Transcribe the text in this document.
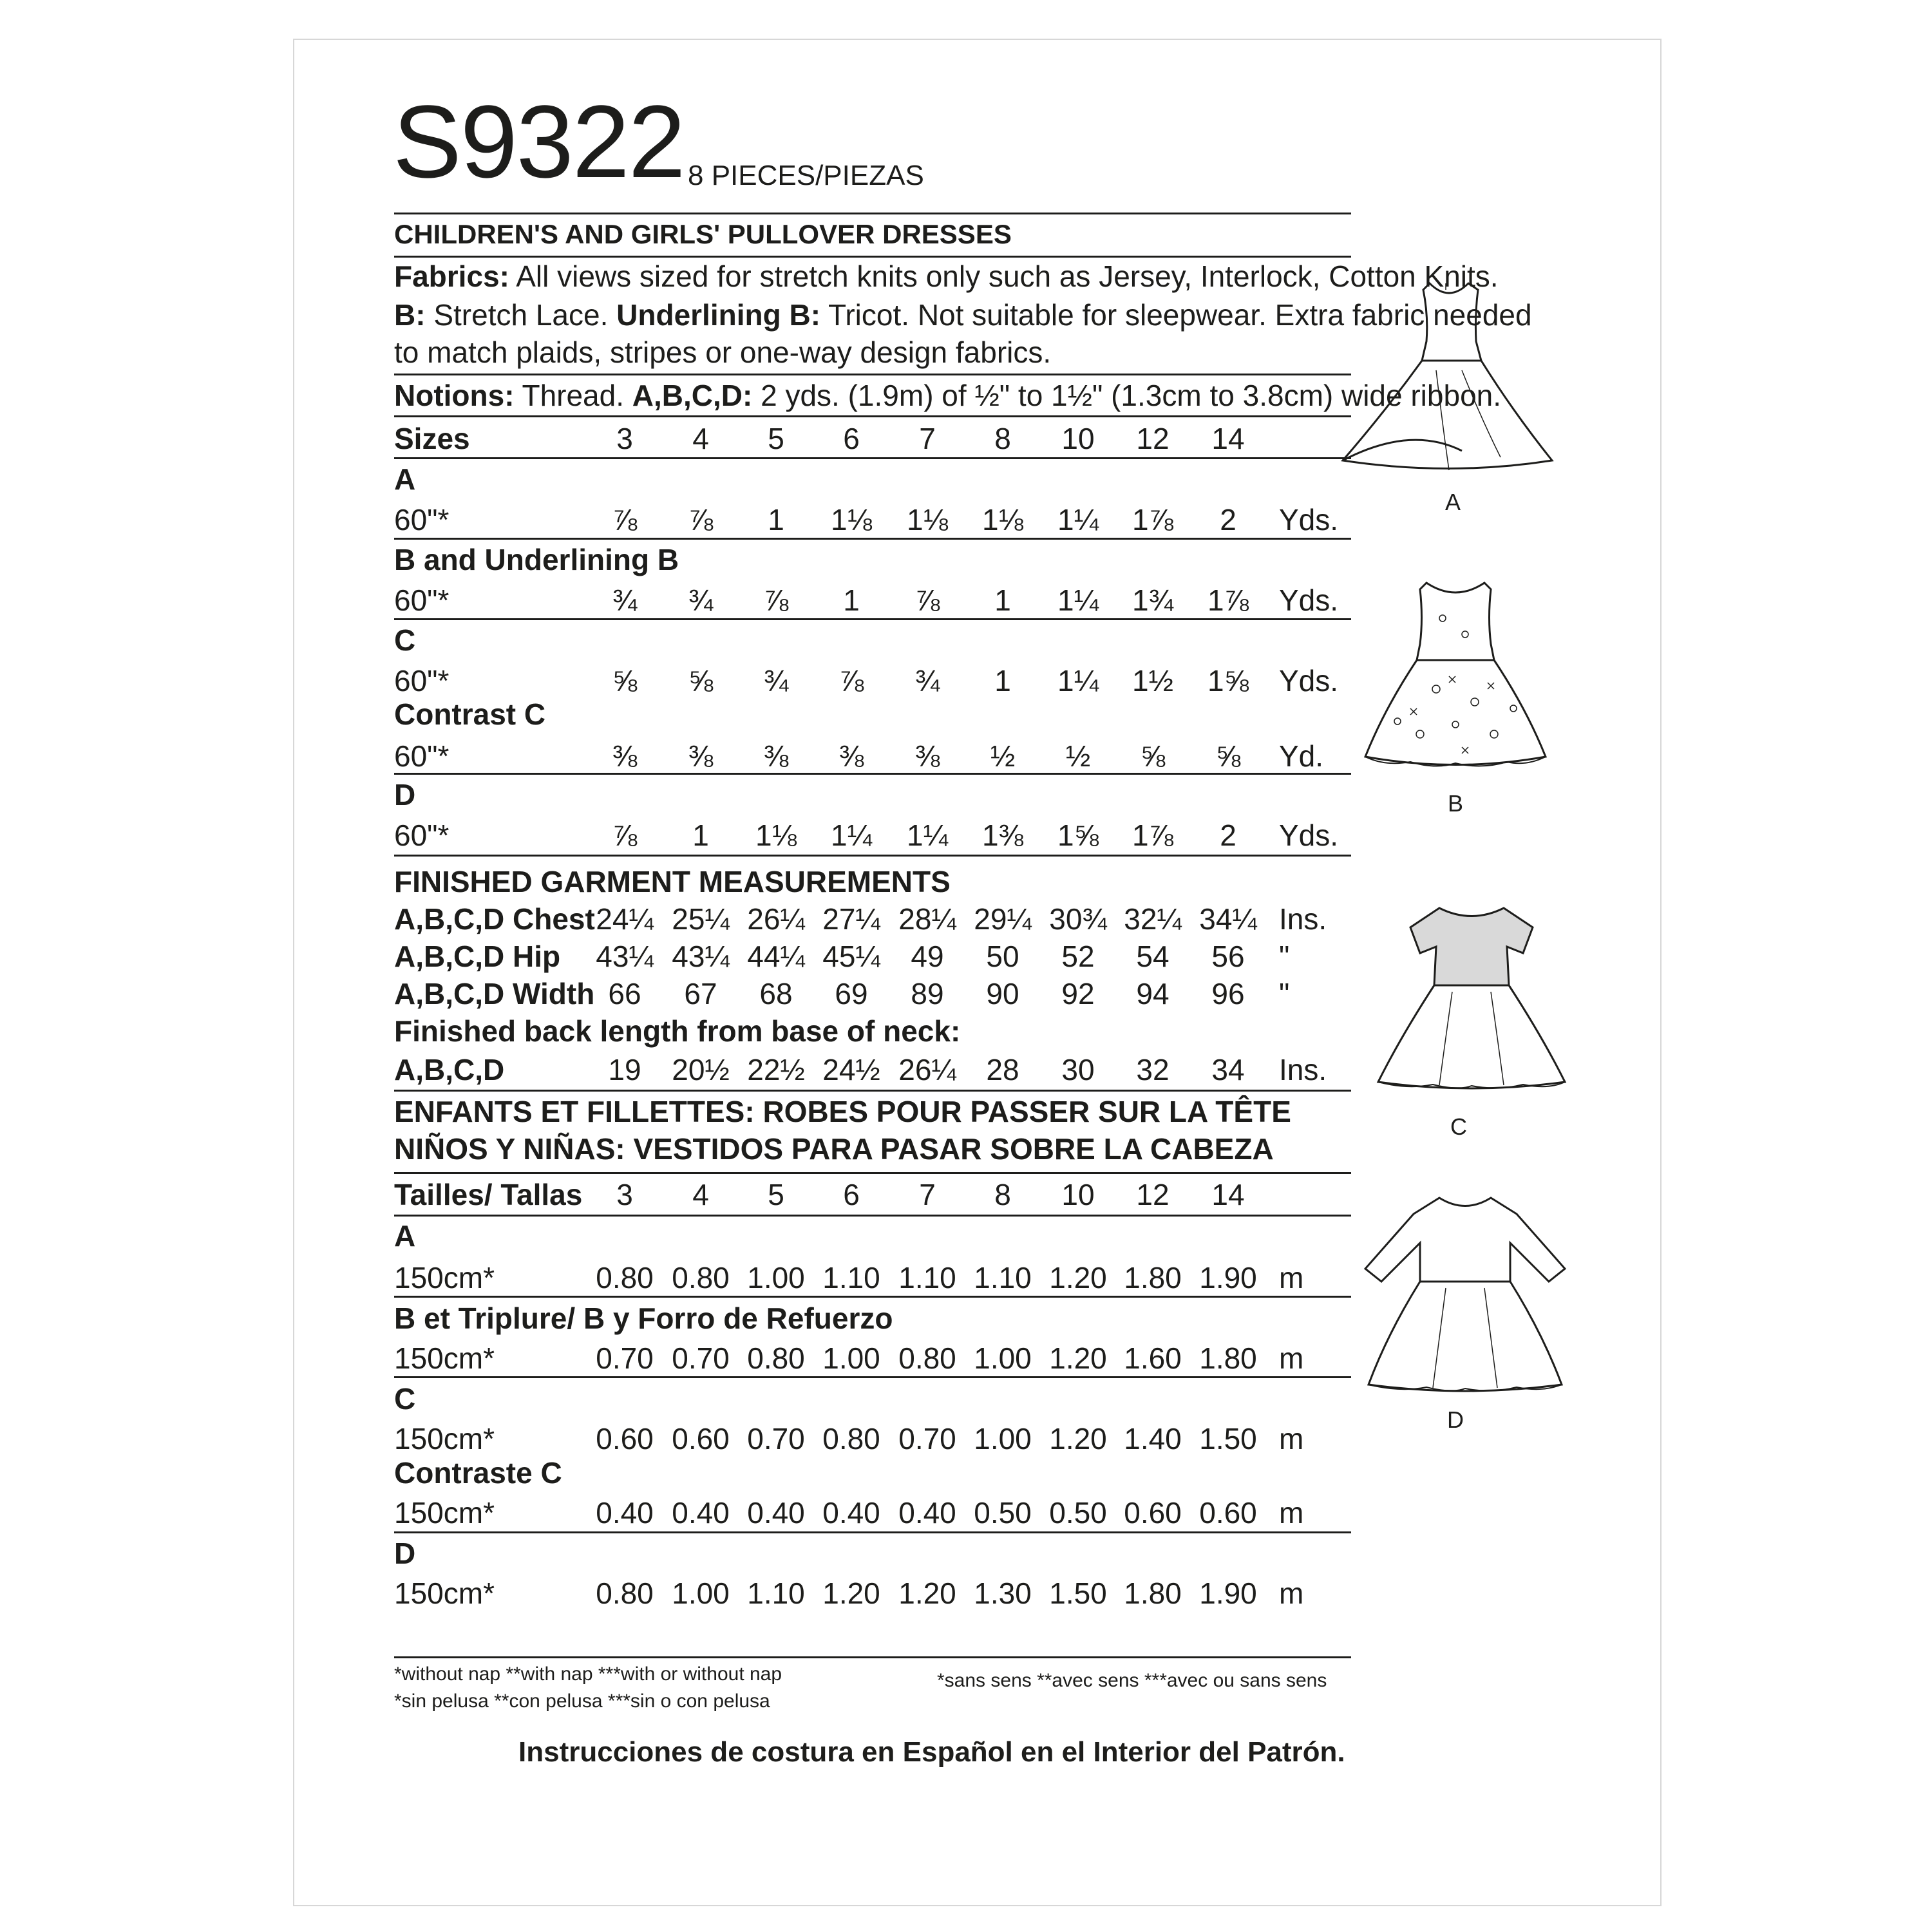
S9322 8 PIECES/PIEZAS
CHILDREN'S AND GIRLS' PULLOVER DRESSES
Fabrics: All views sized for stretch knits only such as Jersey, Interlock, Cotton Knits.
B: Stretch Lace. Underlining B: Tricot. Not suitable for sleepwear. Extra fabric needed
to match plaids, stripes or one-way design fabrics.
Notions: Thread. A,B,C,D: 2 yds. (1.9m) of ½" to 1½" (1.3cm to 3.8cm) wide ribbon.
*without nap **with nap ***with or without nap
*sin pelusa **con pelusa ***sin o con pelusa
*sans sens **avec sens ***avec ou sans sens
Instrucciones de costura en Español en el Interior del Patrón.
A
B
C
D
Sizes	3	4	5	6	7	8	10	12	14
A
60"*	⅞	⅞	1	1⅛	1⅛	1⅛	1¼	1⅞	2	Yds.
B and Underlining B
60"*	¾	¾	⅞	1	⅞	1	1¼	1¾	1⅞	Yds.
C
60"*	⅝	⅝	¾	⅞	¾	1	1¼	1½	1⅝	Yds.
Contrast C
60"*	⅜	⅜	⅜	⅜	⅜	½	½	⅝	⅝	Yd.
D
60"*	⅞	1	1⅛	1¼	1¼	1⅜	1⅝	1⅞	2	Yds.
FINISHED GARMENT MEASUREMENTS
A,B,C,D Chest 24¼ 25¼ 26¼ 27¼ 28¼ 29¼ 30¾ 32¼ 34¼ Ins.
A,B,C,D Hip	43¼ 43¼ 44¼ 45¼	49	50	52	54	56	"
A,B,C,D Width 66	67	68	69	89	90	92	94	96	"
Finished back length from base of neck:
A,B,C,D	19	20½ 22½ 24½ 26¼	28	30	32	34	Ins.
ENFANTS ET FILLETTES: ROBES POUR PASSER SUR LA TÊTE
NIÑOS Y NIÑAS: VESTIDOS PARA PASAR SOBRE LA CABEZA
Tailles/ Tallas	3	4	5	6	7	8	10	12	14
A
150cm*	0.80 0.80 1.00 1.10 1.10 1.10 1.20 1.80 1.90 m
B et Triplure/ B y Forro de Refuerzo
150cm*	0.70 0.70 0.80 1.00 0.80 1.00 1.20 1.60 1.80 m
C
150cm*	0.60 0.60 0.70 0.80 0.70 1.00 1.20 1.40 1.50 m
Contraste C
150cm*	0.40 0.40 0.40 0.40 0.40 0.50 0.50 0.60 0.60 m
D
150cm*	0.80 1.00 1.10 1.20 1.20 1.30 1.50 1.80 1.90 m
